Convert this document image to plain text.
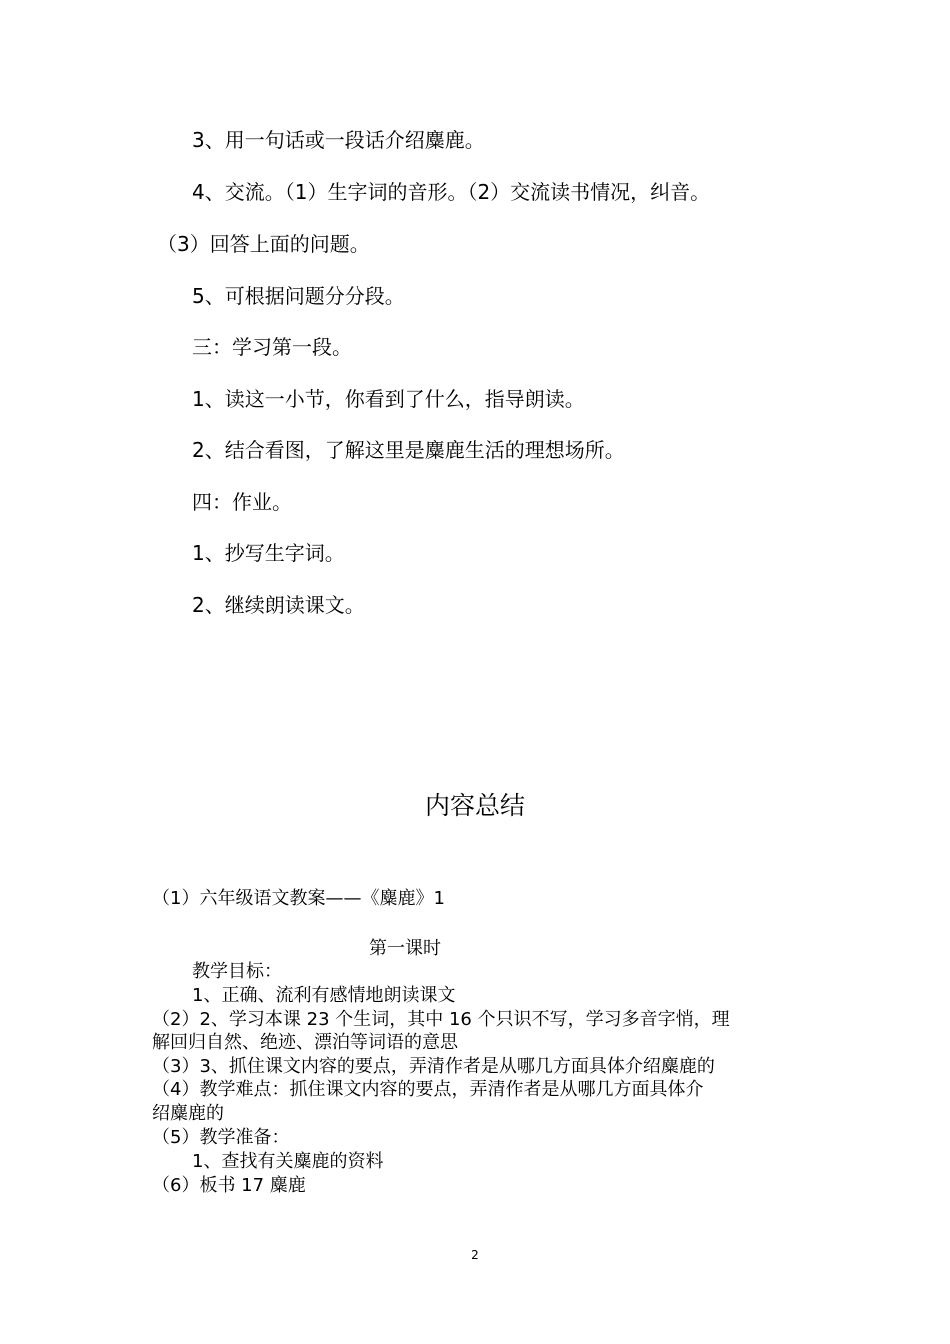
3、用一句话或一段话介绍麋鹿。
4、交流。（1）生字词的音形。（2）交流读书情况，纠音。
（3）回答上面的问题。
5、可根据问题分分段。
三：学习第一段。
1、读这一小节，你看到了什么，指导朗读。
2、结合看图，了解这里是麋鹿生活的理想场所。
四：作业。
1、抄写生字词。
2、继续朗读课文。
内容总结
（1）六年级语文教案——《麋鹿》1
第一课时
教学目标：
1、正确、流利有感情地朗读课文
（2）2、学习本课 23 个生词，其中 16 个只识不写，学习多音字悄，理
解回归自然、绝迹、漂泊等词语的意思
（3）3、抓住课文内容的要点，弄清作者是从哪几方面具体介绍麋鹿的
（4）教学难点：抓住课文内容的要点，弄清作者是从哪几方面具体介
绍麋鹿的
（5）教学准备：
1、查找有关麋鹿的资料
（6）板书 17 麋鹿
2
